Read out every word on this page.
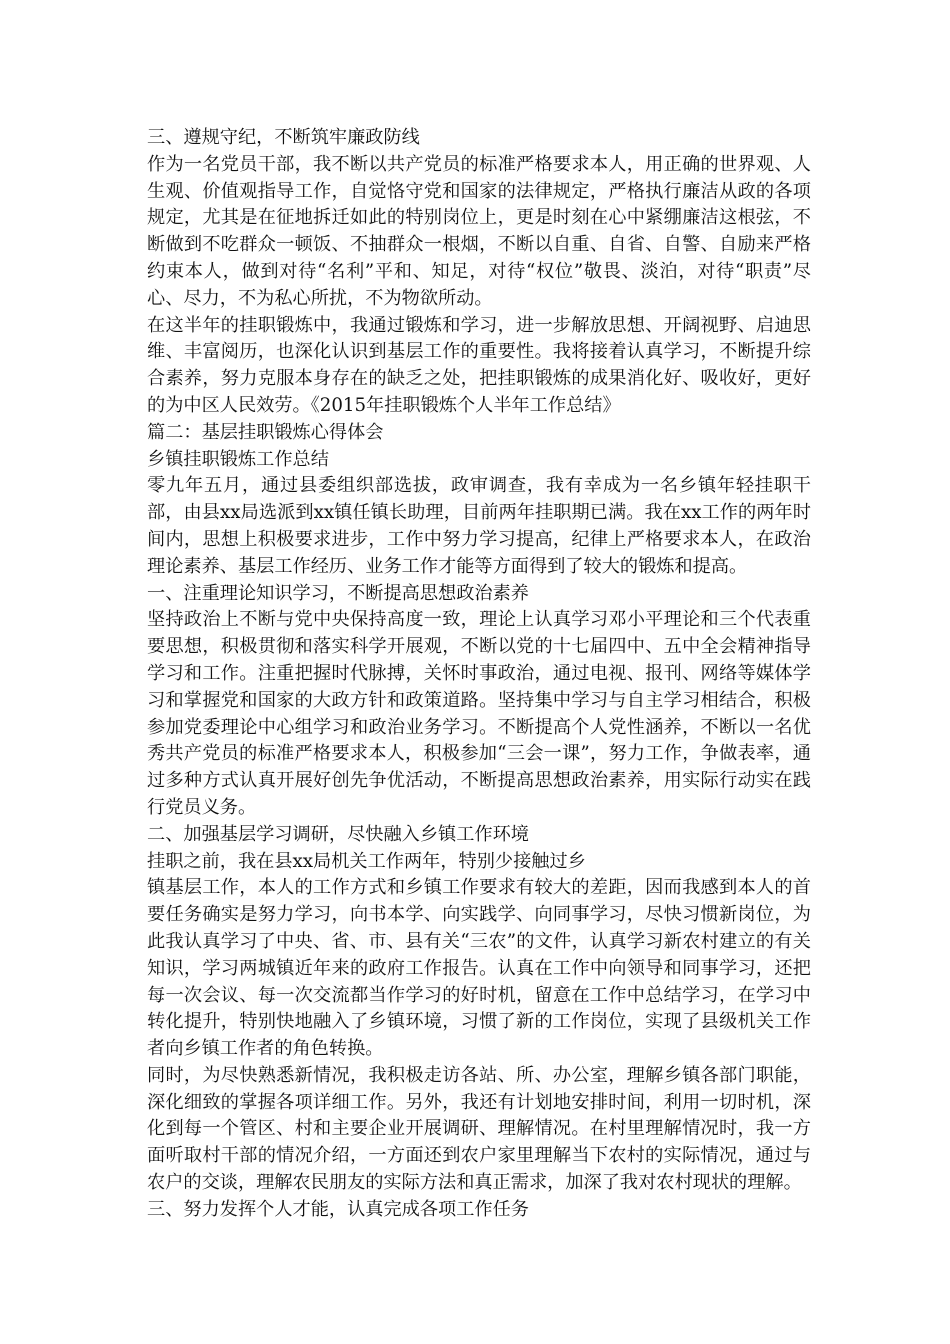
三、遵规守纪，不断筑牢廉政防线

作为一名党员干部，我不断以共产党员的标准严格要求本人，用正确的世界观、人生观、价值观指导工作，自觉恪守党和国家的法律规定，严格执行廉洁从政的各项规定，尤其是在征地拆迁如此的特别岗位上，更是时刻在心中紧绷廉洁这根弦，不断做到不吃群众一顿饭、不抽群众一根烟，不断以自重、自省、自警、自励来严格约束本人，做到对待“名利”平和、知足，对待“权位”敬畏、淡泊，对待“职责”尽心、尽力，不为私心所扰，不为物欲所动。

在这半年的挂职锻炼中，我通过锻炼和学习，进一步解放思想、开阔视野、启迪思维、丰富阅历，也深化认识到基层工作的重要性。我将接着认真学习，不断提升综合素养，努力克服本身存在的缺乏之处，把挂职锻炼的成果消化好、吸收好，更好的为中区人民效劳。《2015年挂职锻炼个人半年工作总结》

篇二：基层挂职锻炼心得体会

乡镇挂职锻炼工作总结

零九年五月，通过县委组织部选拔，政审调查，我有幸成为一名乡镇年轻挂职干部，由县xx局选派到xx镇任镇长助理，目前两年挂职期已满。我在xx工作的两年时间内，思想上积极要求进步，工作中努力学习提高，纪律上严格要求本人，在政治理论素养、基层工作经历、业务工作才能等方面得到了较大的锻炼和提高。

一、注重理论知识学习，不断提高思想政治素养

坚持政治上不断与党中央保持高度一致，理论上认真学习邓小平理论和三个代表重要思想，积极贯彻和落实科学开展观，不断以党的十七届四中、五中全会精神指导学习和工作。注重把握时代脉搏，关怀时事政治，通过电视、报刊、网络等媒体学习和掌握党和国家的大政方针和政策道路。坚持集中学习与自主学习相结合，积极参加党委理论中心组学习和政治业务学习。不断提高个人党性涵养，不断以一名优秀共产党员的标准严格要求本人，积极参加“三会一课”，努力工作，争做表率，通过多种方式认真开展好创先争优活动，不断提高思想政治素养，用实际行动实在践行党员义务。

二、加强基层学习调研，尽快融入乡镇工作环境

挂职之前，我在县xx局机关工作两年，特别少接触过乡

镇基层工作，本人的工作方式和乡镇工作要求有较大的差距，因而我感到本人的首要任务确实是努力学习，向书本学、向实践学、向同事学习，尽快习惯新岗位，为此我认真学习了中央、省、市、县有关“三农”的文件，认真学习新农村建立的有关知识，学习两城镇近年来的政府工作报告。认真在工作中向领导和同事学习，还把每一次会议、每一次交流都当作学习的好时机，留意在工作中总结学习，在学习中转化提升，特别快地融入了乡镇环境，习惯了新的工作岗位，实现了县级机关工作者向乡镇工作者的角色转换。

同时，为尽快熟悉新情况，我积极走访各站、所、办公室，理解乡镇各部门职能，深化细致的掌握各项详细工作。另外，我还有计划地安排时间，利用一切时机，深化到每一个管区、村和主要企业开展调研、理解情况。在村里理解情况时，我一方面听取村干部的情况介绍，一方面还到农户家里理解当下农村的实际情况，通过与农户的交谈，理解农民朋友的实际方法和真正需求，加深了我对农村现状的理解。

三、努力发挥个人才能，认真完成各项工作任务
